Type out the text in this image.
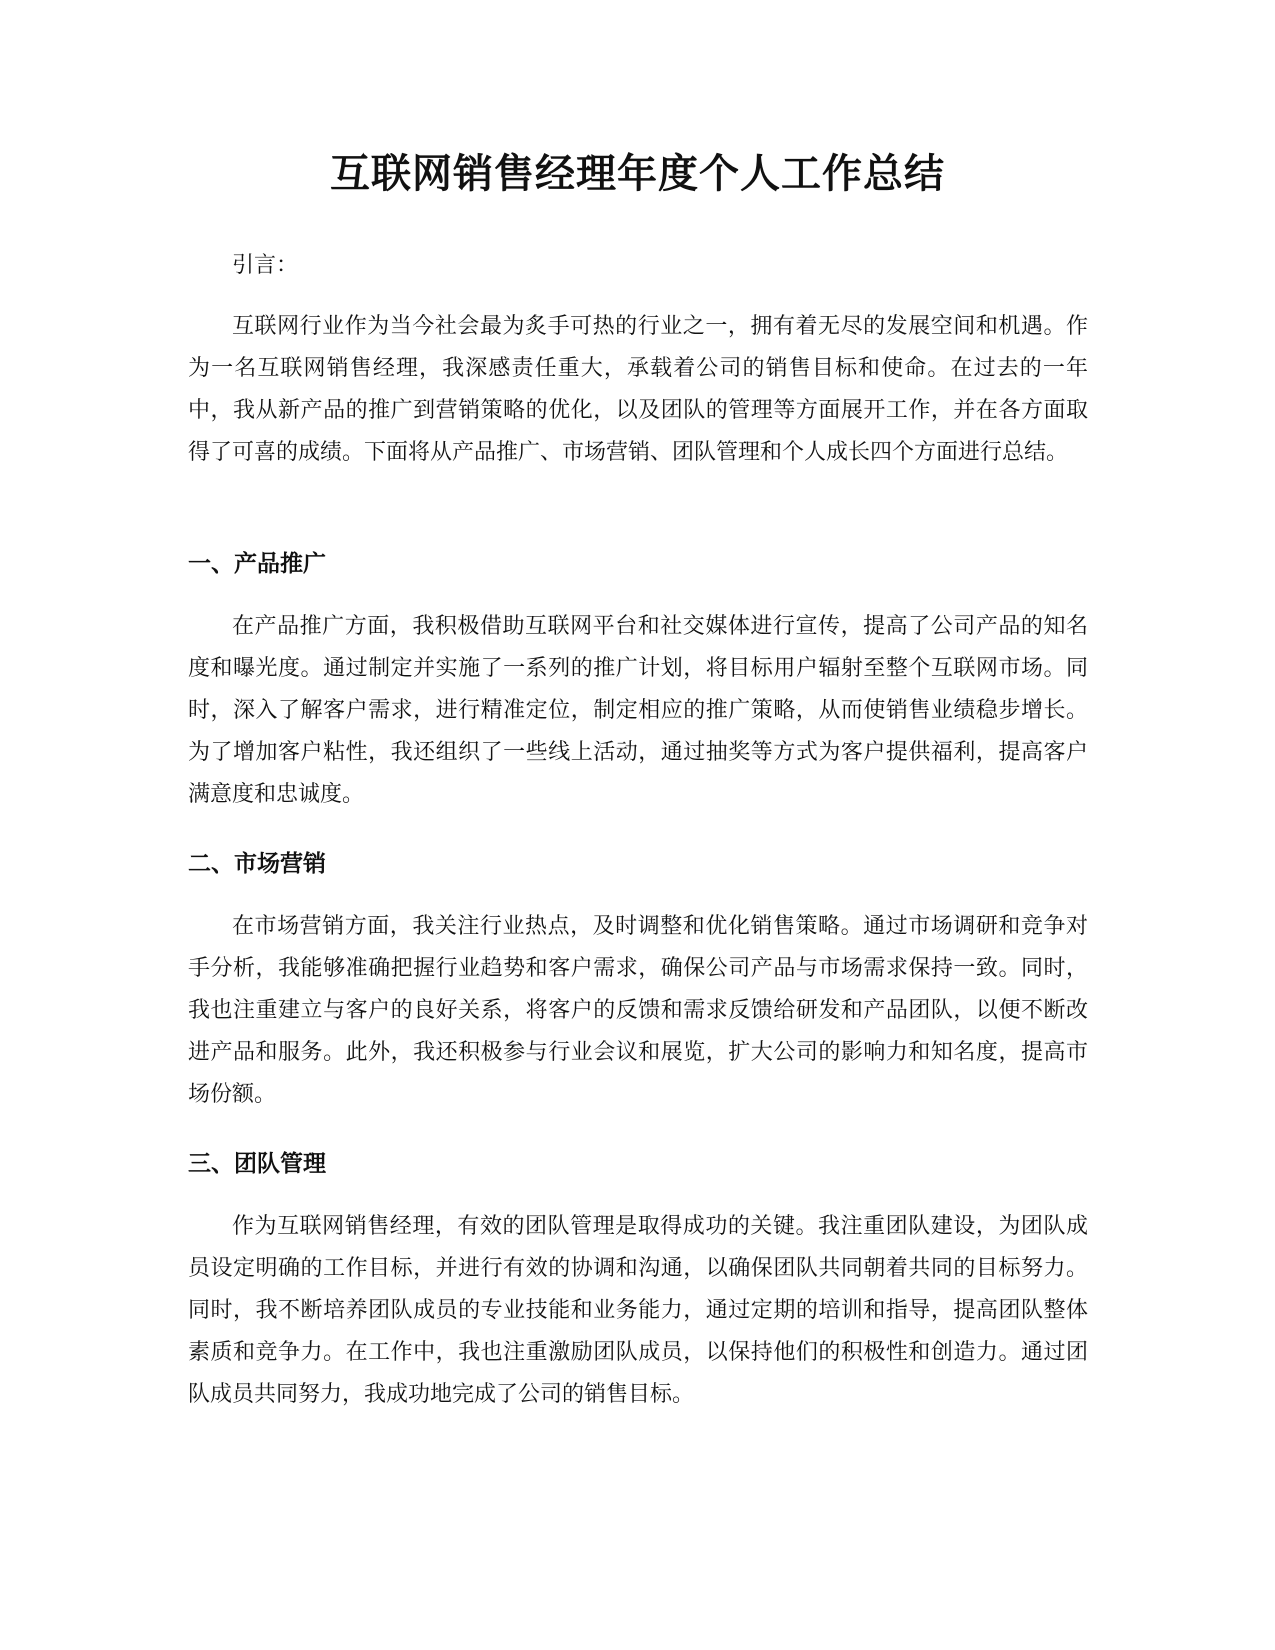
互联网销售经理年度个人工作总结

引言：

互联网行业作为当今社会最为炙手可热的行业之一，拥有着无尽的发展空间和机遇。作为一名互联网销售经理，我深感责任重大，承载着公司的销售目标和使命。在过去的一年中，我从新产品的推广到营销策略的优化，以及团队的管理等方面展开工作，并在各方面取得了可喜的成绩。下面将从产品推广、市场营销、团队管理和个人成长四个方面进行总结。

一、产品推广

在产品推广方面，我积极借助互联网平台和社交媒体进行宣传，提高了公司产品的知名度和曝光度。通过制定并实施了一系列的推广计划，将目标用户辐射至整个互联网市场。同时，深入了解客户需求，进行精准定位，制定相应的推广策略，从而使销售业绩稳步增长。为了增加客户粘性，我还组织了一些线上活动，通过抽奖等方式为客户提供福利，提高客户满意度和忠诚度。

二、市场营销

在市场营销方面，我关注行业热点，及时调整和优化销售策略。通过市场调研和竞争对手分析，我能够准确把握行业趋势和客户需求，确保公司产品与市场需求保持一致。同时，我也注重建立与客户的良好关系，将客户的反馈和需求反馈给研发和产品团队，以便不断改进产品和服务。此外，我还积极参与行业会议和展览，扩大公司的影响力和知名度，提高市场份额。

三、团队管理

作为互联网销售经理，有效的团队管理是取得成功的关键。我注重团队建设，为团队成员设定明确的工作目标，并进行有效的协调和沟通，以确保团队共同朝着共同的目标努力。同时，我不断培养团队成员的专业技能和业务能力，通过定期的培训和指导，提高团队整体素质和竞争力。在工作中，我也注重激励团队成员，以保持他们的积极性和创造力。通过团队成员共同努力，我成功地完成了公司的销售目标。
